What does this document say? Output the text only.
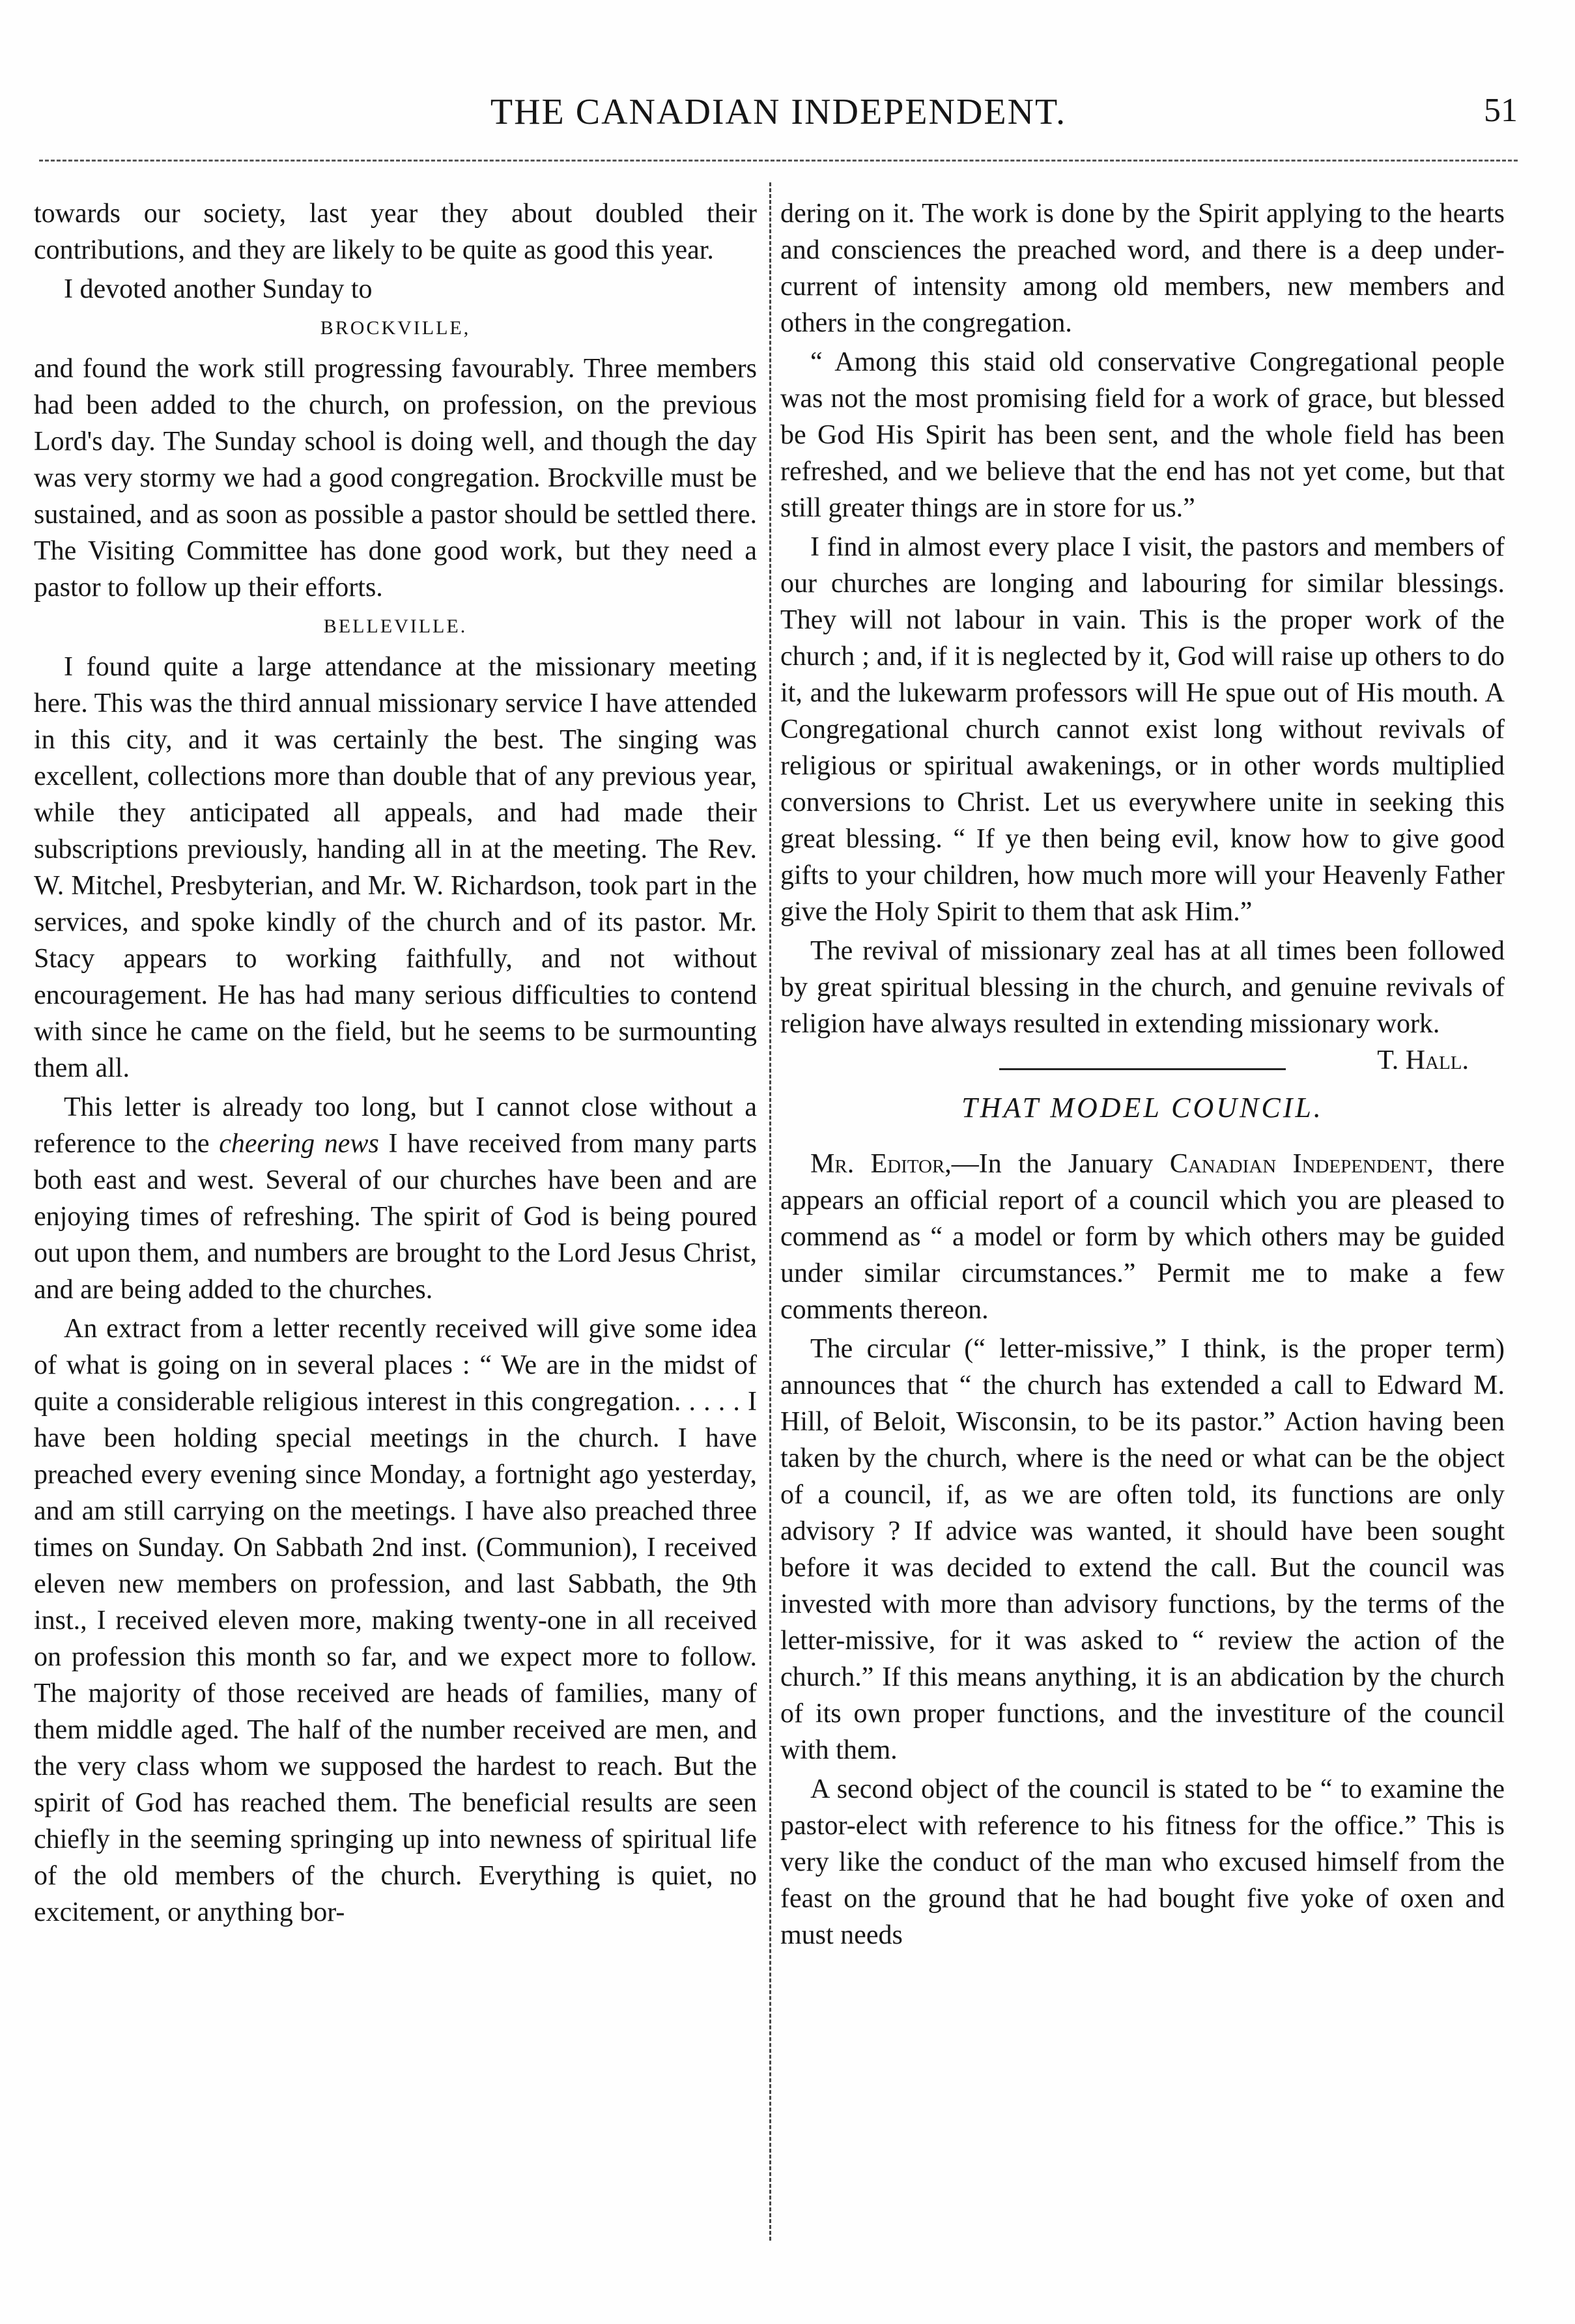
THE CANADIAN INDEPENDENT.	51

towards our society, last year they about doubled their contributions, and they are likely to be quite as good this year.

I devoted another Sunday to

BROCKVILLE,

and found the work still progressing favourably. Three members had been added to the church, on profession, on the previous Lord's day. The Sunday school is doing well, and though the day was very stormy we had a good congregation. Brockville must be sustained, and as soon as possible a pastor should be settled there. The Visiting Committee has done good work, but they need a pastor to follow up their efforts.

BELLEVILLE.

I found quite a large attendance at the missionary meeting here. This was the third annual missionary service I have attended in this city, and it was certainly the best. The singing was excellent, collections more than double that of any previous year, while they anticipated all appeals, and had made their subscriptions previously, handing all in at the meeting. The Rev. W. Mitchel, Presbyterian, and Mr. W. Richardson, took part in the services, and spoke kindly of the church and of its pastor. Mr. Stacy appears to working faithfully, and not without encouragement. He has had many serious difficulties to contend with since he came on the field, but he seems to be surmounting them all.

This letter is already too long, but I cannot close without a reference to the cheering news I have received from many parts both east and west. Several of our churches have been and are enjoying times of refreshing. The spirit of God is being poured out upon them, and numbers are brought to the Lord Jesus Christ, and are being added to the churches.

An extract from a letter recently received will give some idea of what is going on in several places : “ We are in the midst of quite a considerable religious interest in this congregation. . . . . I have been holding special meetings in the church. I have preached every evening since Monday, a fortnight ago yesterday, and am still carrying on the meetings. I have also preached three times on Sunday. On Sabbath 2nd inst. (Communion), I received eleven new members on profession, and last Sabbath, the 9th inst., I received eleven more, making twenty-one in all received on profession this month so far, and we expect more to follow. The majority of those received are heads of families, many of them middle aged. The half of the number received are men, and the very class whom we supposed the hardest to reach. But the spirit of God has reached them. The beneficial results are seen chiefly in the seeming springing up into newness of spiritual life of the old members of the church. Everything is quiet, no excitement, or anything bor-

dering on it. The work is done by the Spirit applying to the hearts and consciences the preached word, and there is a deep under-current of intensity among old members, new members and others in the congregation.

“ Among this staid old conservative Congregational people was not the most promising field for a work of grace, but blessed be God His Spirit has been sent, and the whole field has been refreshed, and we believe that the end has not yet come, but that still greater things are in store for us.”

I find in almost every place I visit, the pastors and members of our churches are longing and labouring for similar blessings. They will not labour in vain. This is the proper work of the church ; and, if it is neglected by it, God will raise up others to do it, and the lukewarm professors will He spue out of His mouth. A Congregational church cannot exist long without revivals of religious or spiritual awakenings, or in other words multiplied conversions to Christ. Let us everywhere unite in seeking this great blessing. “ If ye then being evil, know how to give good gifts to your children, how much more will your Heavenly Father give the Holy Spirit to them that ask Him.”

The revival of missionary zeal has at all times been followed by great spiritual blessing in the church, and genuine revivals of religion have always resulted in extending missionary work.
T. Hall.

THAT MODEL COUNCIL.

Mr. Editor,—In the January Canadian Independent, there appears an official report of a council which you are pleased to commend as “ a model or form by which others may be guided under similar circumstances.” Permit me to make a few comments thereon.

The circular (“ letter-missive,” I think, is the proper term) announces that “ the church has extended a call to Edward M. Hill, of Beloit, Wisconsin, to be its pastor.” Action having been taken by the church, where is the need or what can be the object of a council, if, as we are often told, its functions are only advisory ? If advice was wanted, it should have been sought before it was decided to extend the call. But the council was invested with more than advisory functions, by the terms of the letter-missive, for it was asked to “ review the action of the church.” If this means anything, it is an abdication by the church of its own proper functions, and the investiture of the council with them.

A second object of the council is stated to be “ to examine the pastor-elect with reference to his fitness for the office.” This is very like the conduct of the man who excused himself from the feast on the ground that he had bought five yoke of oxen and must needs
